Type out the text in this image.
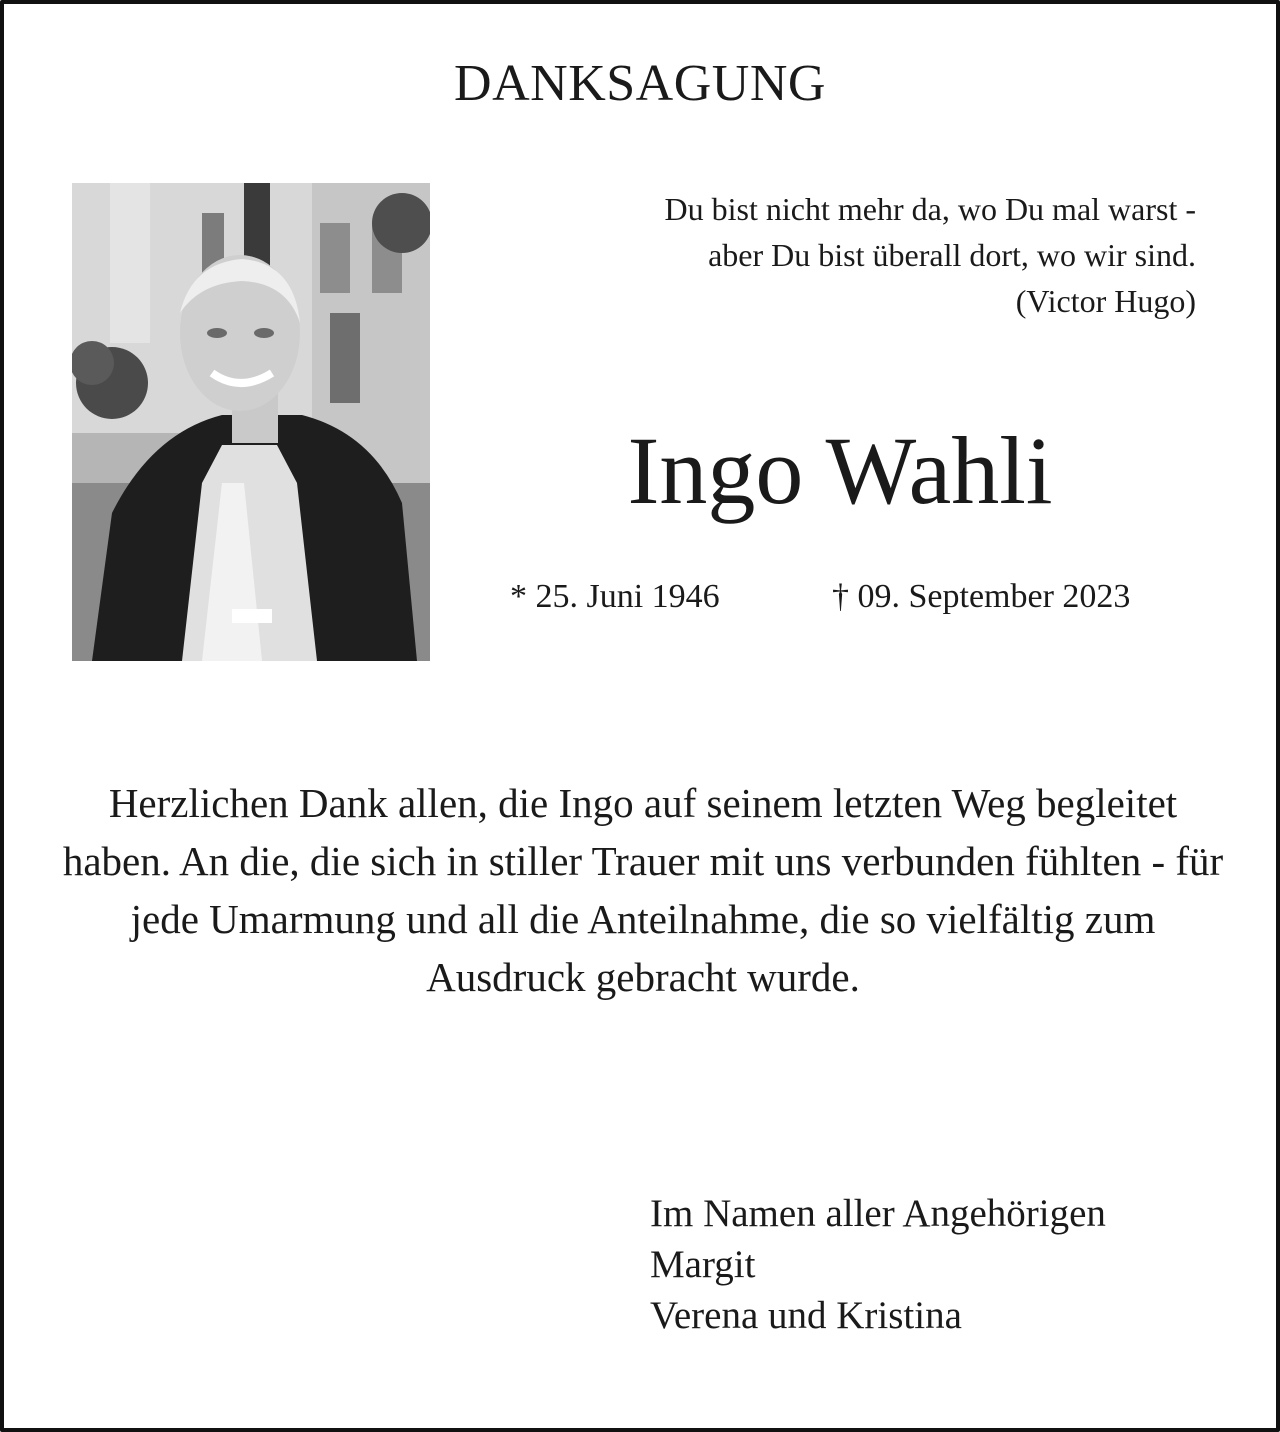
DANKSAGUNG
Du bist nicht mehr da, wo Du mal warst -
aber Du bist überall dort, wo wir sind.
(Victor Hugo)
Ingo Wahli
* 25. Juni 1946	† 09. September 2023
Herzlichen Dank allen, die Ingo auf seinem letzten Weg begleitet haben. An die, die sich in stiller Trauer mit uns verbunden fühlten - für jede Umarmung und all die Anteilnahme, die so vielfältig zum Ausdruck gebracht wurde.
Im Namen aller Angehörigen
Margit
Verena und Kristina
